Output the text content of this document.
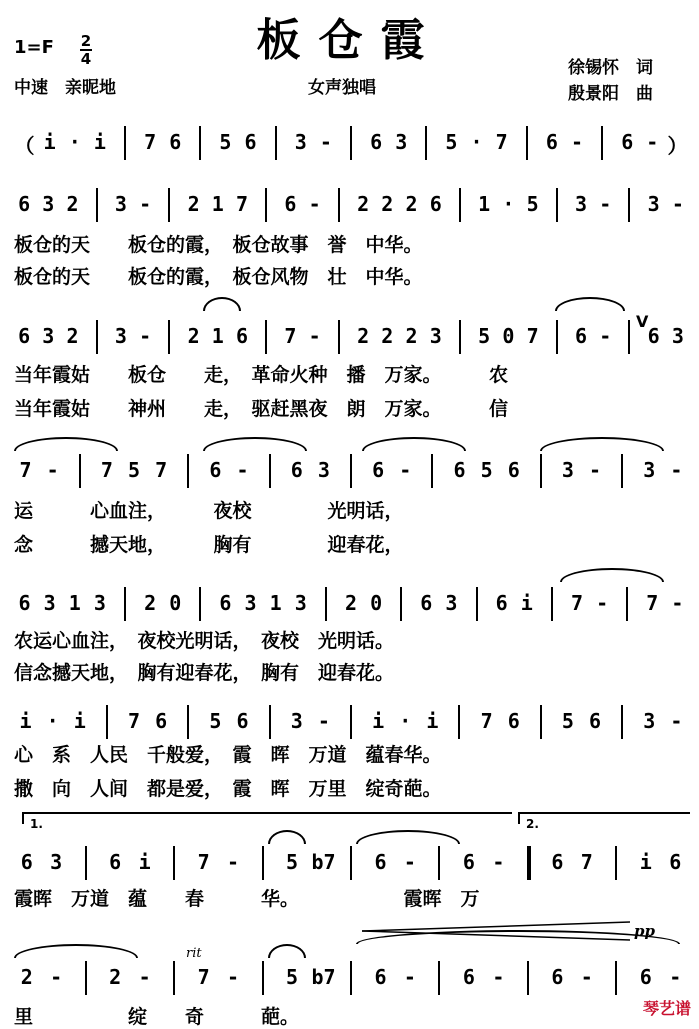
板仓霞
1=F 2
4
中速　亲昵地	女声独唱
徐锡怀　词
殷景阳　曲
（ i · i 7 6 5 6 3 - 6 3 5 · 7 6 - 6 - ）
6 3 2 3 - 2 1 7 6 - 2 2 2 6 1 · 5 3 - 3 -
6 3 2 3 - 2 1 6 7 - 2 2 2 3 5 0 7 6 - 6 3
7 - 7 5 7 6 - 6 3 6 - 6 5 6 3 - 3 -
6 3 1 3 2 0 6 3 1 3 2 0 6 3 6 i 7 - 7 -
i · i 7 6 5 6 3 - i · i 7 6 5 6 3 -
6 3 6 i 7 - 5 b7 6 - 6 - 6 7 i 6
2 - 2 - 7 - 5 b7 6 - 6 - 6 - 6 -
板仓的天　　板仓的霞，　板仓故事　誉　中华。
板仓的天　　板仓的霞，　板仓风物　壮　中华。
当年霞姑　　板仓　　走，　革命火种　播　万家。　　　农
当年霞姑　　神州　　走，　驱赶黑夜　朗　万家。　　　信
运　　　心血注，　　　夜校　　　　光明话，
念　　　撼天地，　　　胸有　　　　迎春花，
农运心血注，　夜校光明话，　夜校　光明话。
信念撼天地，　胸有迎春花，　胸有　迎春花。
心　系　人民　千般爱，　霞　晖　万道　蕴春华。
撒　向　人间　都是爱，　霞　晖　万里　绽奇葩。
霞晖　万道　蕴　　春　　　华。　　　　　　霞晖　万
里　　　　　绽　　奇　　　葩。
1.	2.
V
rit
pp
琴艺谱
